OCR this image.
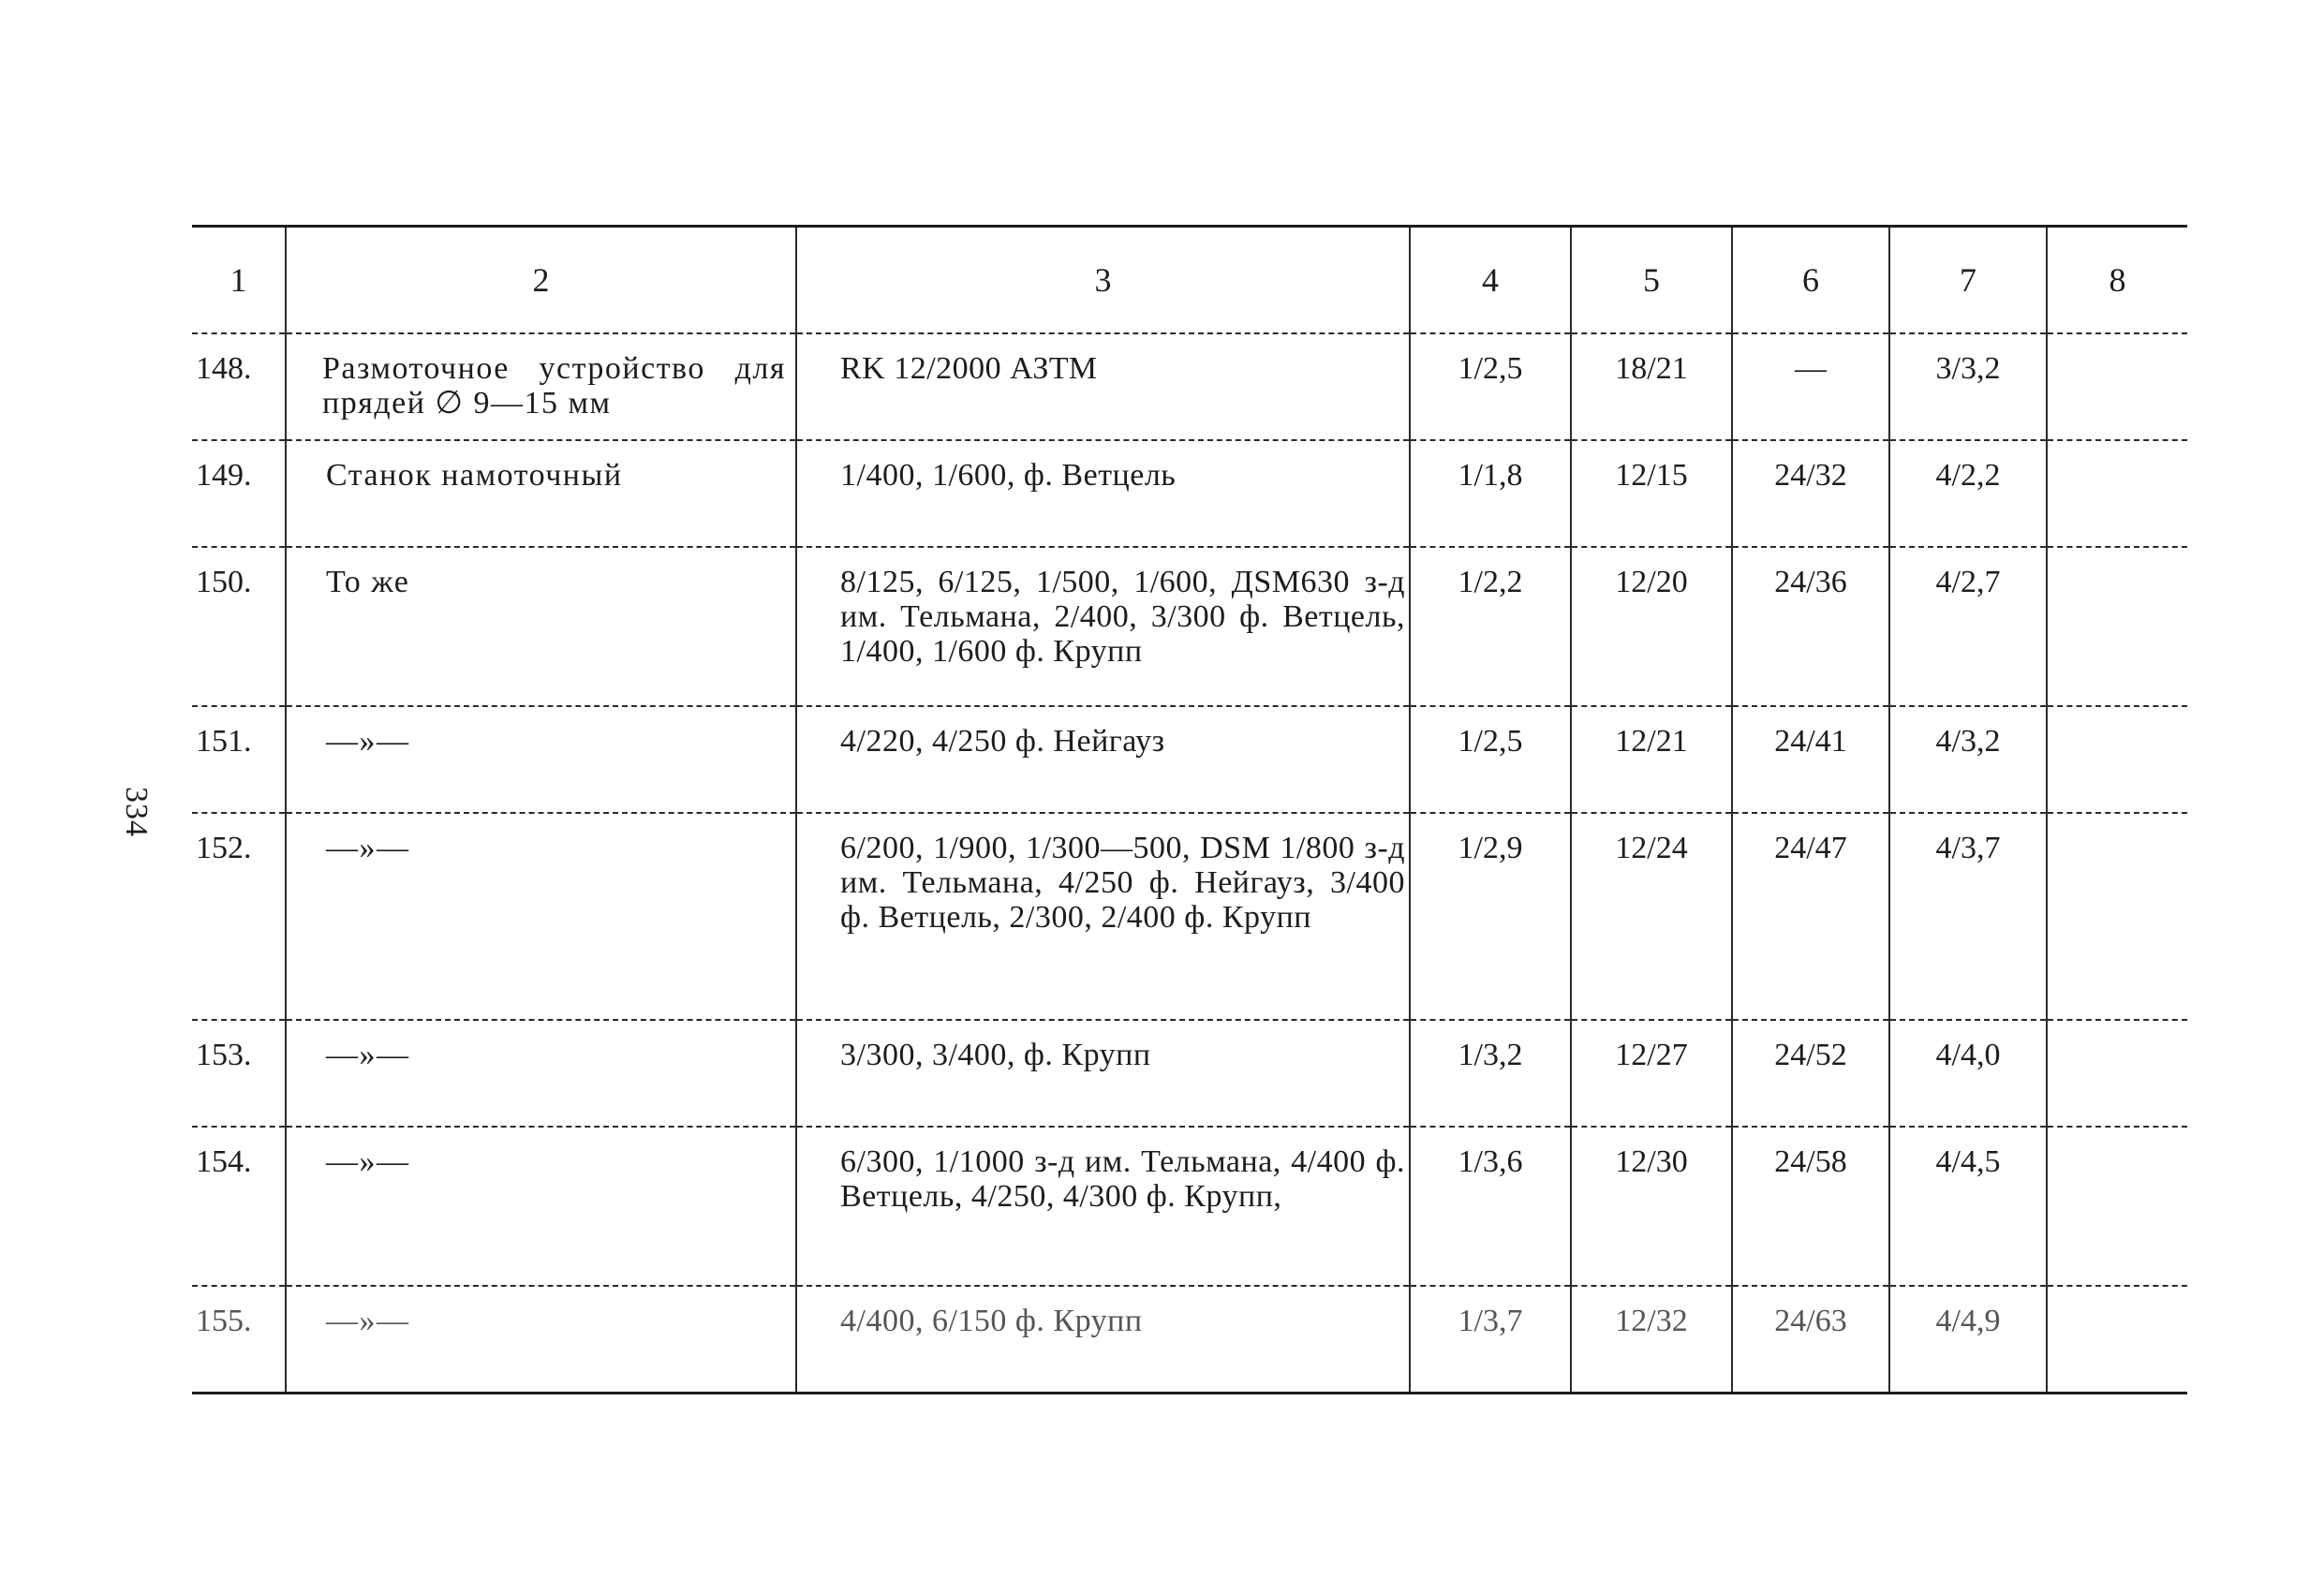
334
1	2	3	4	5	6	7	8
148.	Размоточное устройство для прядей ∅ 9—15 мм	RK 12/2000 АЗТМ	1/2,5	18/21	—	3/3,2	
149.	Станок намоточный	1/400, 1/600, ф. Ветцель	1/1,8	12/15	24/32	4/2,2	
150.	То же	8/125, 6/125, 1/500, 1/600, ДSM630 з-д им. Тельмана, 2/400, 3/300 ф. Ветцель, 1/400, 1/600 ф. Крупп	1/2,2	12/20	24/36	4/2,7	
151.	—»—	4/220, 4/250 ф. Нейгауз	1/2,5	12/21	24/41	4/3,2	
152.	—»—	6/200, 1/900, 1/300—500, DSM 1/800 з-д им. Тельмана, 4/250 ф. Нейгауз, 3/400 ф. Ветцель, 2/300, 2/400 ф. Крупп	1/2,9	12/24	24/47	4/3,7	
153.	—»—	3/300, 3/400, ф. Крупп	1/3,2	12/27	24/52	4/4,0	
154.	—»—	6/300, 1/1000 з-д им. Тельмана, 4/400 ф. Ветцель, 4/250, 4/300 ф. Крупп,	1/3,6	12/30	24/58	4/4,5	
155.	—»—	4/400, 6/150 ф. Крупп	1/3,7	12/32	24/63	4/4,9	
